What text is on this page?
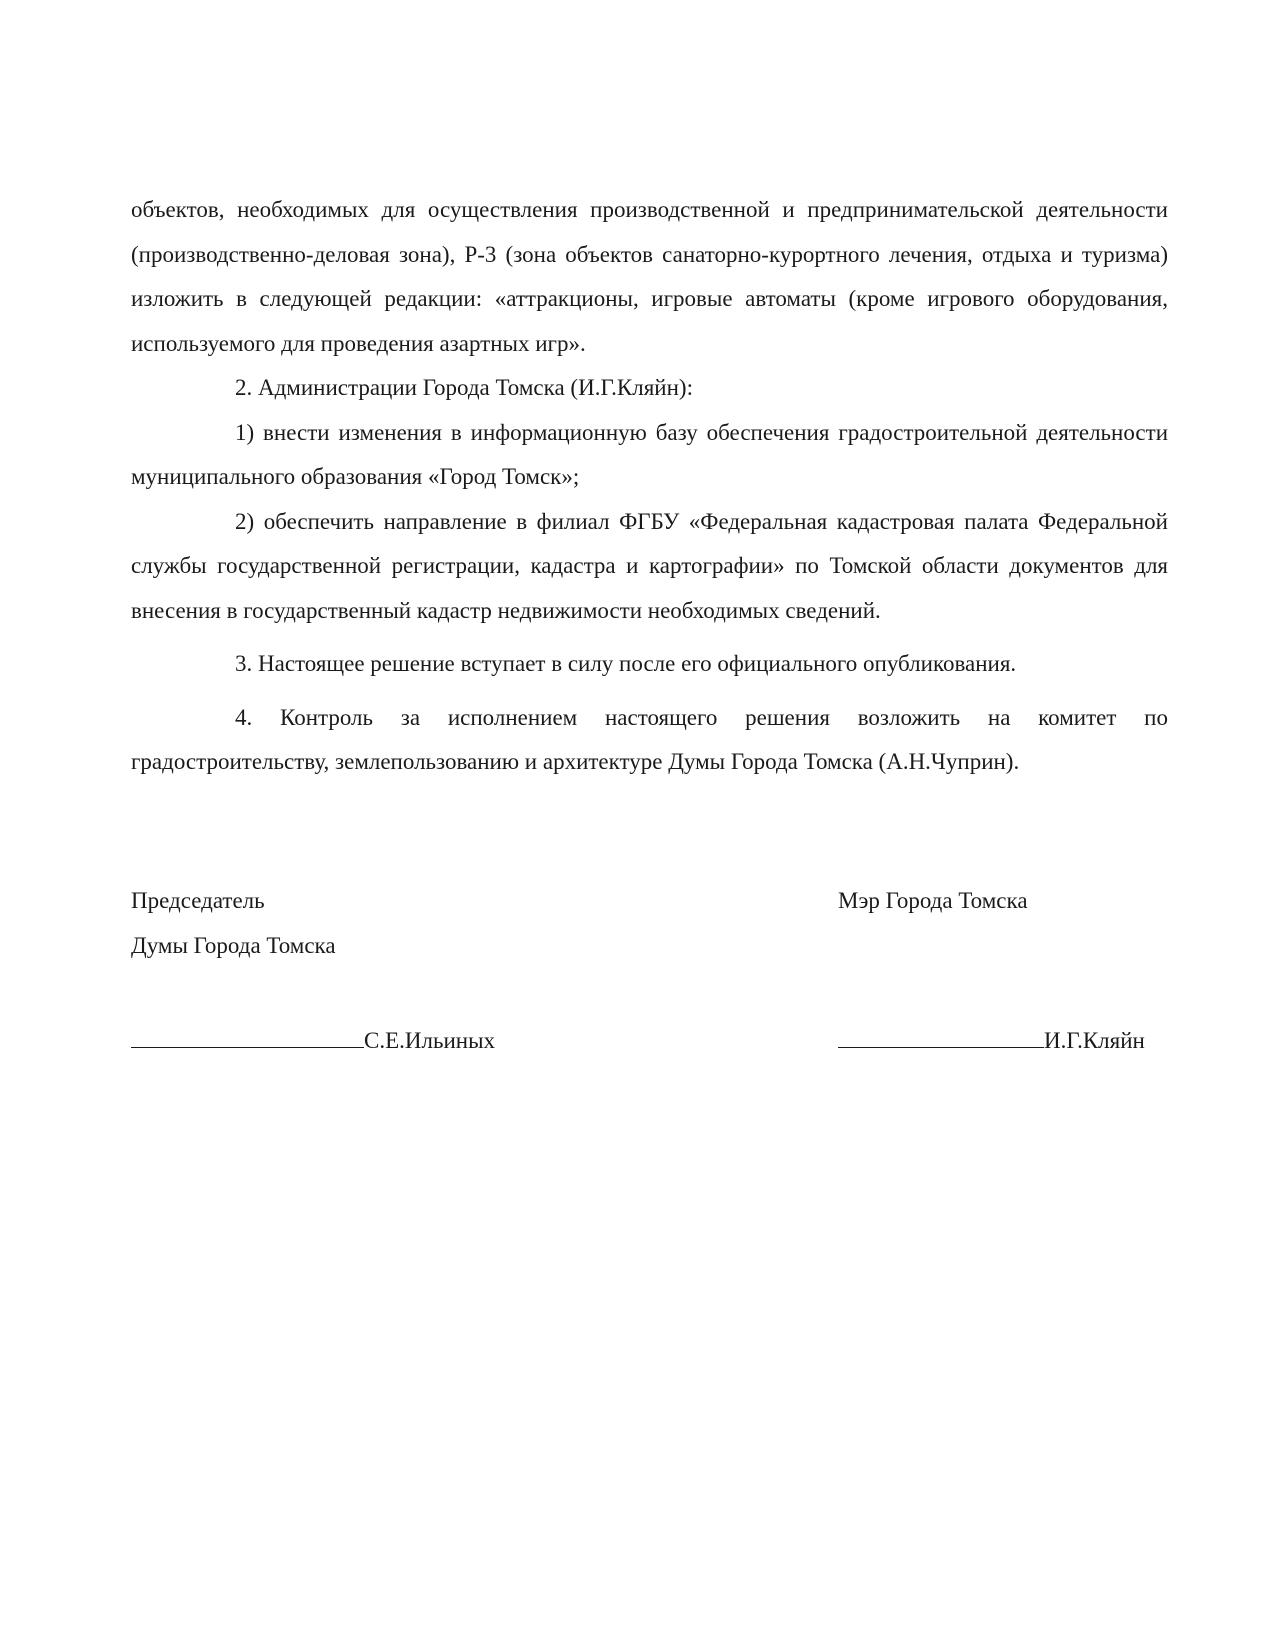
объектов, необходимых для осуществления производственной и предпринимательской деятельности (производственно-деловая зона), Р-3 (зона объектов санаторно-курортного лечения, отдыха и туризма) изложить в следующей редакции: «аттракционы, игровые автоматы (кроме игрового оборудования, используемого для проведения азартных игр».

2. Администрации Города Томска (И.Г.Кляйн):

1) внести изменения в информационную базу обеспечения градостроительной деятельности муниципального образования «Город Томск»;

2) обеспечить направление в филиал ФГБУ «Федеральная кадастровая палата Федеральной службы государственной регистрации, кадастра и картографии» по Томской области документов для внесения в государственный кадастр недвижимости необходимых сведений.

3. Настоящее решение вступает в силу после его официального опубликования.

4. Контроль за исполнением настоящего решения возложить на комитет по градостроительству, землепользованию и архитектуре Думы Города Томска (А.Н.Чуприн).

Председатель
Думы Города Томска
Мэр Города Томска
С.Е.Ильиных	И.Г.Кляйн
